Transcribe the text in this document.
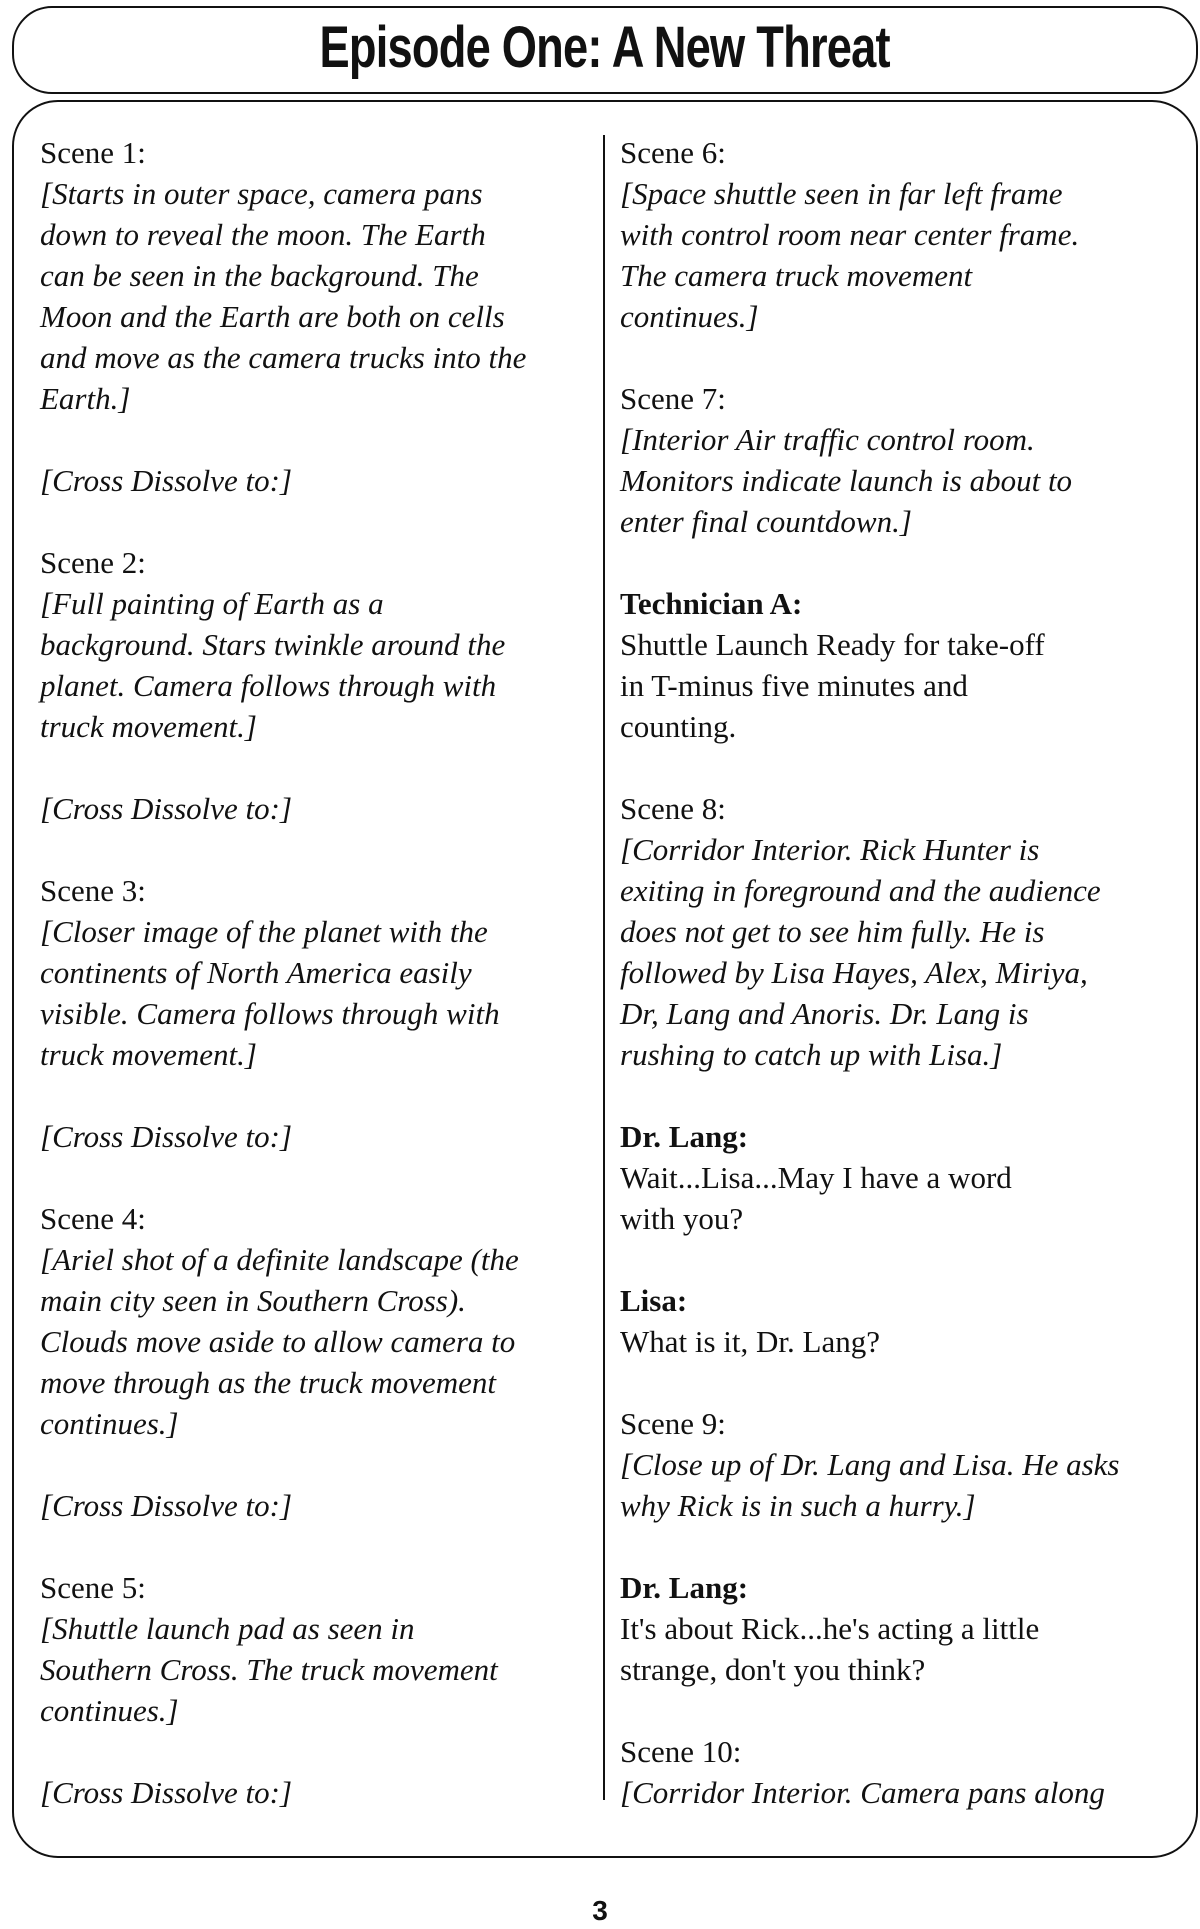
Episode One: A New Threat
Scene 1:
[Starts in outer space, camera pans
down to reveal the moon. The Earth
can be seen in the background. The
Moon and the Earth are both on cells
and move as the camera trucks into the
Earth.]
[Cross Dissolve to:]
Scene 2:
[Full painting of Earth as a
background. Stars twinkle around the
planet. Camera follows through with
truck movement.]
[Cross Dissolve to:]
Scene 3:
[Closer image of the planet with the
continents of North America easily
visible. Camera follows through with
truck movement.]
[Cross Dissolve to:]
Scene 4:
[Ariel shot of a definite landscape (the
main city seen in Southern Cross).
Clouds move aside to allow camera to
move through as the truck movement
continues.]
[Cross Dissolve to:]
Scene 5:
[Shuttle launch pad as seen in
Southern Cross. The truck movement
continues.]
[Cross Dissolve to:]
Scene 6:
[Space shuttle seen in far left frame
with control room near center frame.
The camera truck movement
continues.]
Scene 7:
[Interior Air traffic control room.
Monitors indicate launch is about to
enter final countdown.]
Technician A:
Shuttle Launch Ready for take-off
in T-minus five minutes and
counting.
Scene 8:
[Corridor Interior. Rick Hunter is
exiting in foreground and the audience
does not get to see him fully. He is
followed by Lisa Hayes, Alex, Miriya,
Dr, Lang and Anoris. Dr. Lang is
rushing to catch up with Lisa.]
Dr. Lang:
Wait...Lisa...May I have a word
with you?
Lisa:
What is it, Dr. Lang?
Scene 9:
[Close up of Dr. Lang and Lisa. He asks
why Rick is in such a hurry.]
Dr. Lang:
It's about Rick...he's acting a little
strange, don't you think?
Scene 10:
[Corridor Interior. Camera pans along
3
